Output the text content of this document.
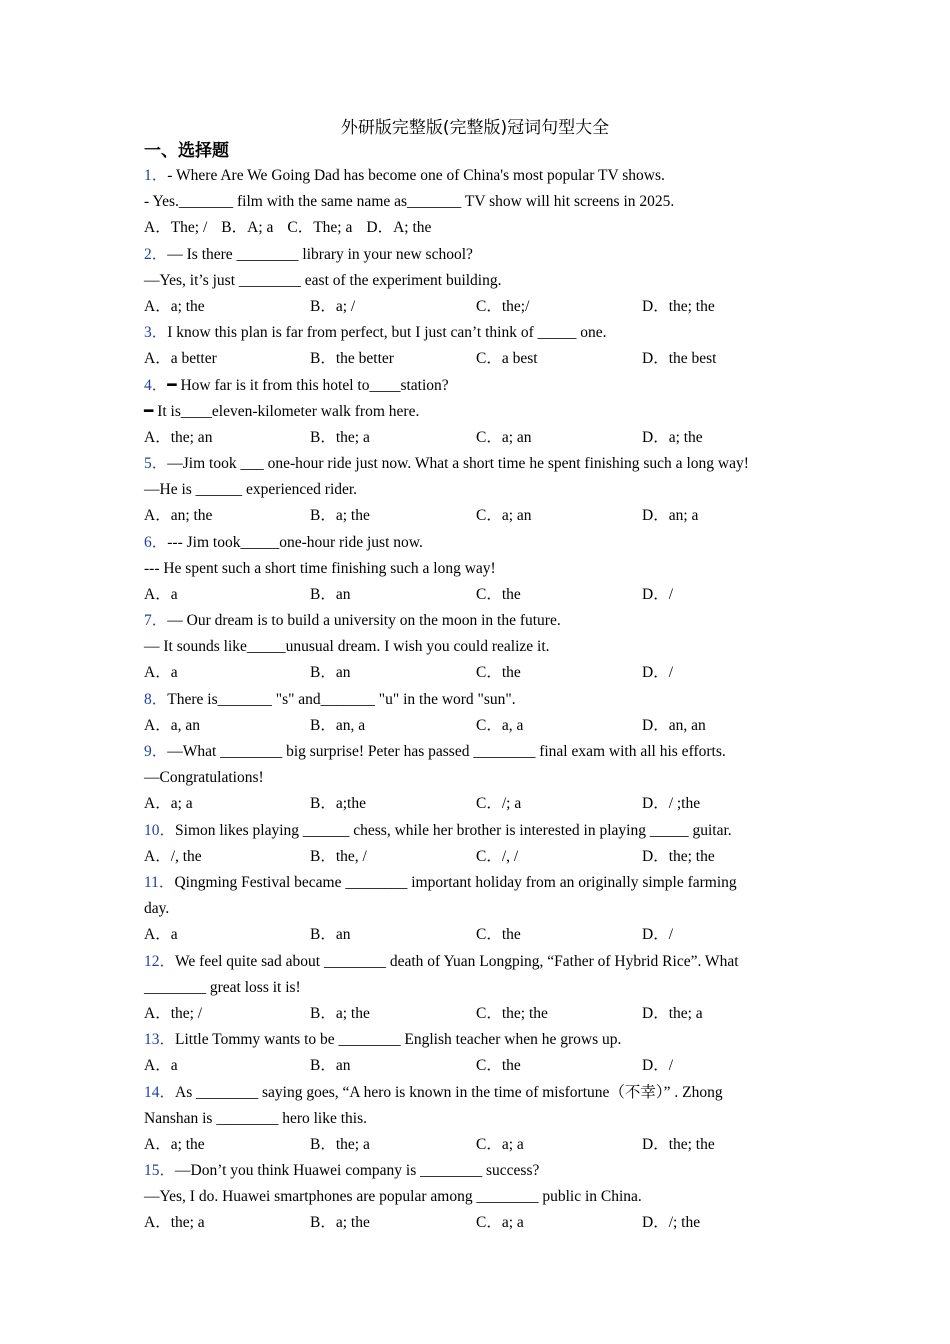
外研版完整版(完整版)冠词句型大全
一、选择题
1．- Where Are We Going Dad has become one of China's most popular TV shows.
- Yes._______ film with the same name as_______ TV show will hit screens in 2025.
A．The; / B．A; a C．The; a D．A; the
2．— Is there ________ library in your new school?
—Yes, it’s just ________ east of the experiment building.
A．a; the	B．a; /	C．the;/	D．the; the
3．I know this plan is far from perfect, but I just can’t think of _____ one.
A．a better	B．the better	C．a best	D．the best
4．━ How far is it from this hotel to____station?
━ It is____eleven-kilometer walk from here.
A．the; an	B．the; a	C．a; an	D．a; the
5．—Jim took ___ one-hour ride just now. What a short time he spent finishing such a long way!
—He is ______ experienced rider.
A．an; the	B．a; the	C．a; an	D．an; a
6．--- Jim took_____one-hour ride just now.
--- He spent such a short time finishing such a long way!
A．a	B．an	C．the	D．/
7．— Our dream is to build a university on the moon in the future.
— It sounds like_____unusual dream. I wish you could realize it.
A．a	B．an	C．the	D．/
8．There is_______ "s" and_______ "u" in the word "sun".
A．a, an	B．an, a	C．a, a	D．an, an
9．—What ________ big surprise! Peter has passed ________ final exam with all his efforts.
—Congratulations!
A．a; a	B．a;the	C．/; a	D．/ ;the
10．Simon likes playing ______ chess, while her brother is interested in playing _____ guitar.
A．/, the	B．the, /	C．/, /	D．the; the
11．Qingming Festival became ________ important holiday from an originally simple farming
day.
A．a	B．an	C．the	D．/
12．We feel quite sad about ________ death of Yuan Longping, “Father of Hybrid Rice”. What
________ great loss it is!
A．the; /	B．a; the	C．the; the	D．the; a
13．Little Tommy wants to be ________ English teacher when he grows up.
A．a	B．an	C．the	D．/
14．As ________ saying goes, “A hero is known in the time of misfortune（不幸）” . Zhong
Nanshan is ________ hero like this.
A．a; the	B．the; a	C．a; a	D．the; the
15．—Don’t you think Huawei company is ________ success?
—Yes, I do. Huawei smartphones are popular among ________ public in China.
A．the; a	B．a; the	C．a; a	D．/; the
